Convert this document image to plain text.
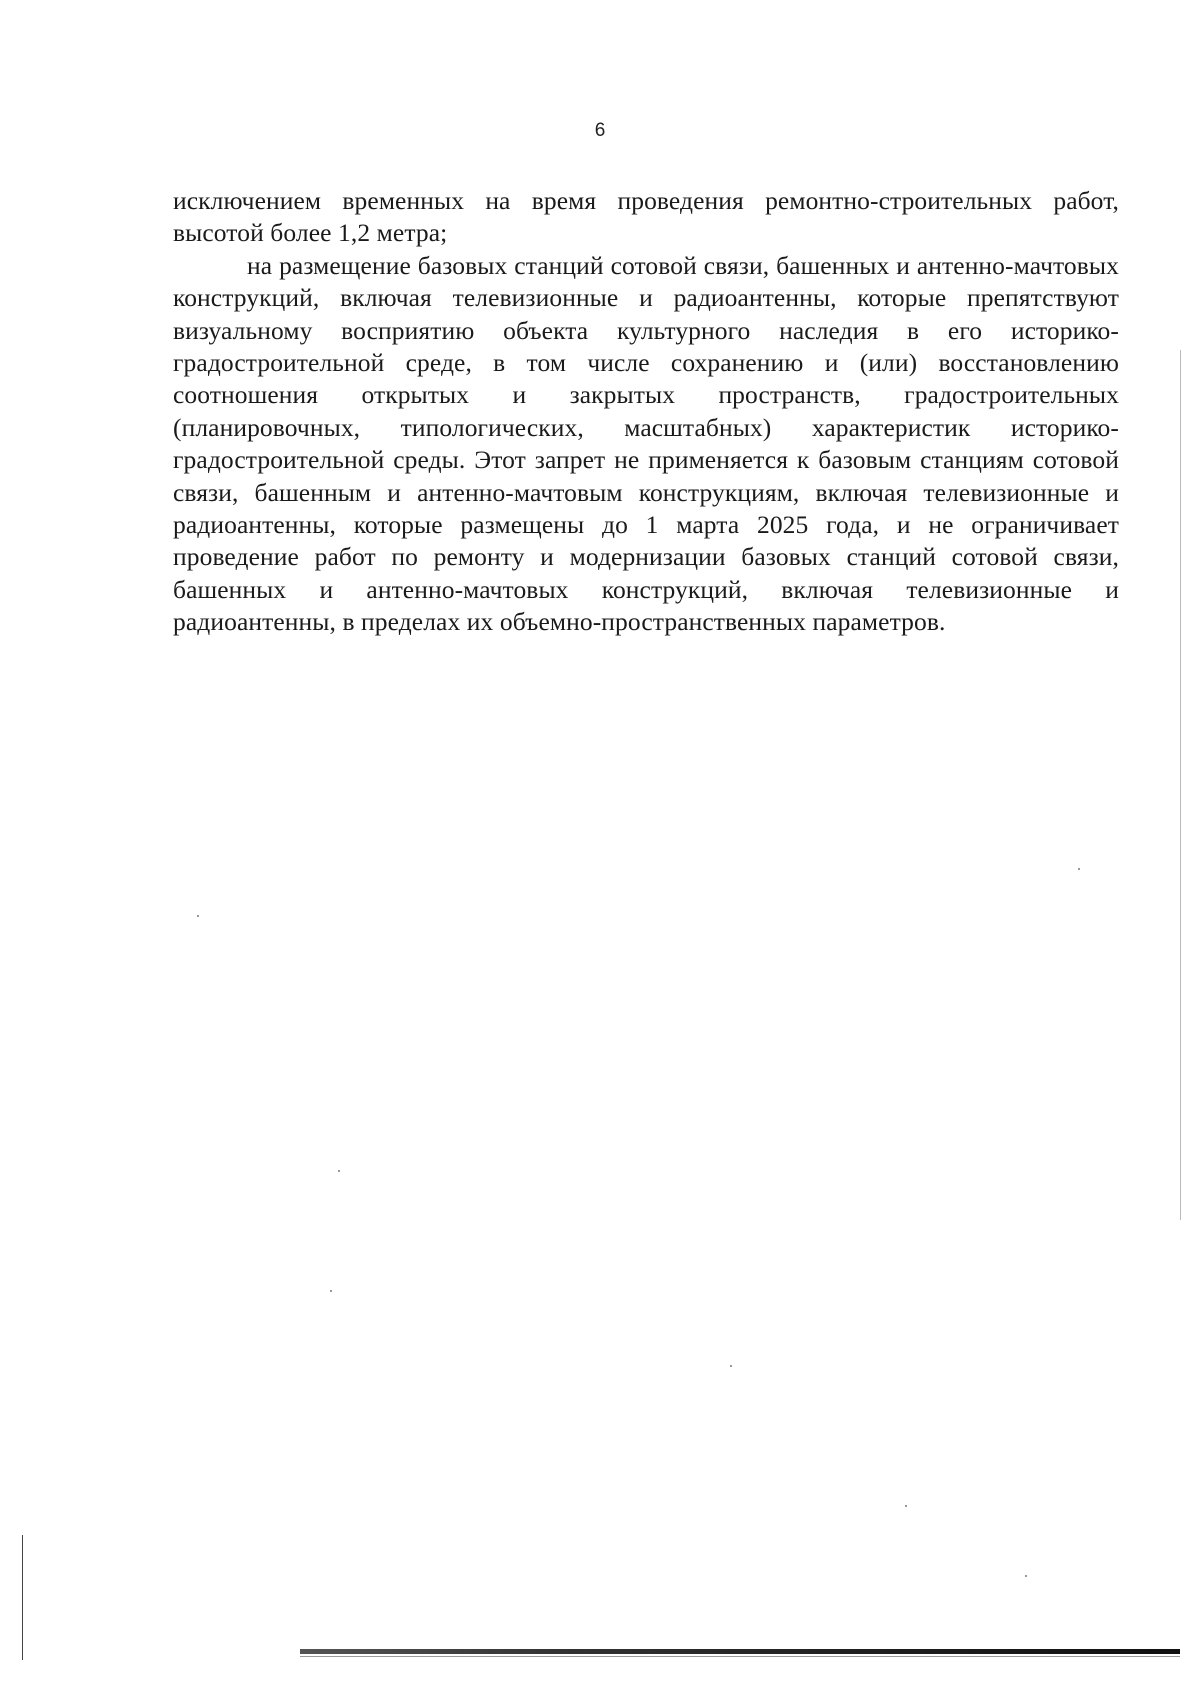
6

исключением временных на время проведения ремонтно-строительных работ, высотой более 1,2 метра;

на размещение базовых станций сотовой связи, башенных и антенно-мачтовых конструкций, включая телевизионные и радиоантенны, которые препятствуют визуальному восприятию объекта культурного наследия в его историко-градостроительной среде, в том числе сохранению и (или) восстановлению соотношения открытых и закрытых пространств, градостроительных (планировочных, типологических, масштабных) характеристик историко-градостроительной среды. Этот запрет не применяется к базовым станциям сотовой связи, башенным и антенно-мачтовым конструкциям, включая телевизионные и радиоантенны, которые размещены до 1 марта 2025 года, и не ограничивает проведение работ по ремонту и модернизации базовых станций сотовой связи, башенных и антенно-мачтовых конструкций, включая телевизионные и радиоантенны, в пределах их объемно-пространственных параметров.
